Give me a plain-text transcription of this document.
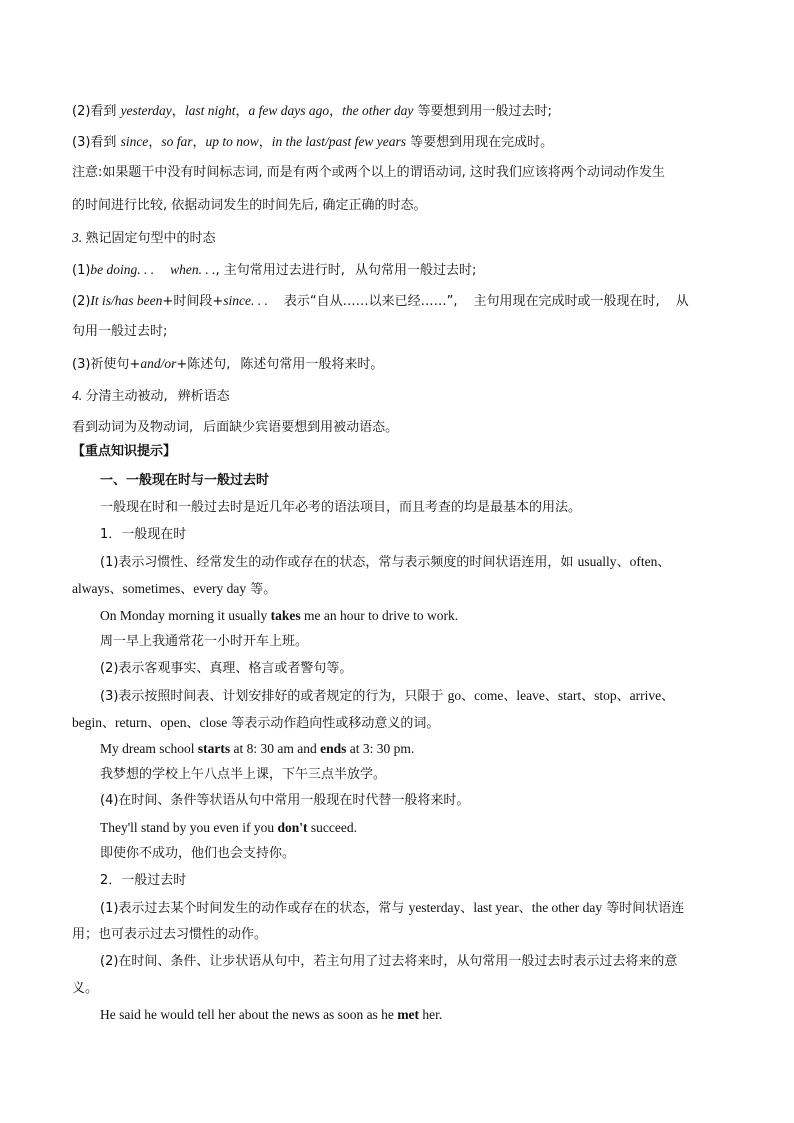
(2)看到 yesterday，last night，a few days ago，the other day 等要想到用一般过去时;
(3)看到 since，so far，up to now，in the last/past few years 等要想到用现在完成时。
注意:如果题干中没有时间标志词, 而是有两个或两个以上的谓语动词, 这时我们应该将两个动词动作发生
的时间进行比较, 依据动词发生的时间先后, 确定正确的时态。
3. 熟记固定句型中的时态
(1)be doing. . . when. . ., 主句常用过去进行时, 从句常用一般过去时;
(2)It is/has been+时间段+since. . . 表示“自从……以来已经……”, 主句用现在完成时或一般现在时, 从
句用一般过去时;
(3)祈使句+and/or+陈述句, 陈述句常用一般将来时。
4. 分清主动被动, 辨析语态
看到动词为及物动词, 后面缺少宾语要想到用被动语态。
【重点知识提示】
一、一般现在时与一般过去时
一般现在时和一般过去时是近几年必考的语法项目，而且考查的均是最基本的用法。
1．一般现在时
(1)表示习惯性、经常发生的动作或存在的状态，常与表示频度的时间状语连用，如 usually、often、
always、sometimes、every day 等。
On Monday morning it usually takes me an hour to drive to work.
周一早上我通常花一小时开车上班。
(2)表示客观事实、真理、格言或者警句等。
(3)表示按照时间表、计划安排好的或者规定的行为，只限于 go、come、leave、start、stop、arrive、
begin、return、open、close 等表示动作趋向性或移动意义的词。
My dream school starts at 8: 30 am and ends at 3: 30 pm.
我梦想的学校上午八点半上课，下午三点半放学。
(4)在时间、条件等状语从句中常用一般现在时代替一般将来时。
They'll stand by you even if you don't succeed.
即使你不成功，他们也会支持你。
2．一般过去时
(1)表示过去某个时间发生的动作或存在的状态，常与 yesterday、last year、the other day 等时间状语连
用；也可表示过去习惯性的动作。
(2)在时间、条件、让步状语从句中，若主句用了过去将来时，从句常用一般过去时表示过去将来的意
义。
He said he would tell her about the news as soon as he met her.
